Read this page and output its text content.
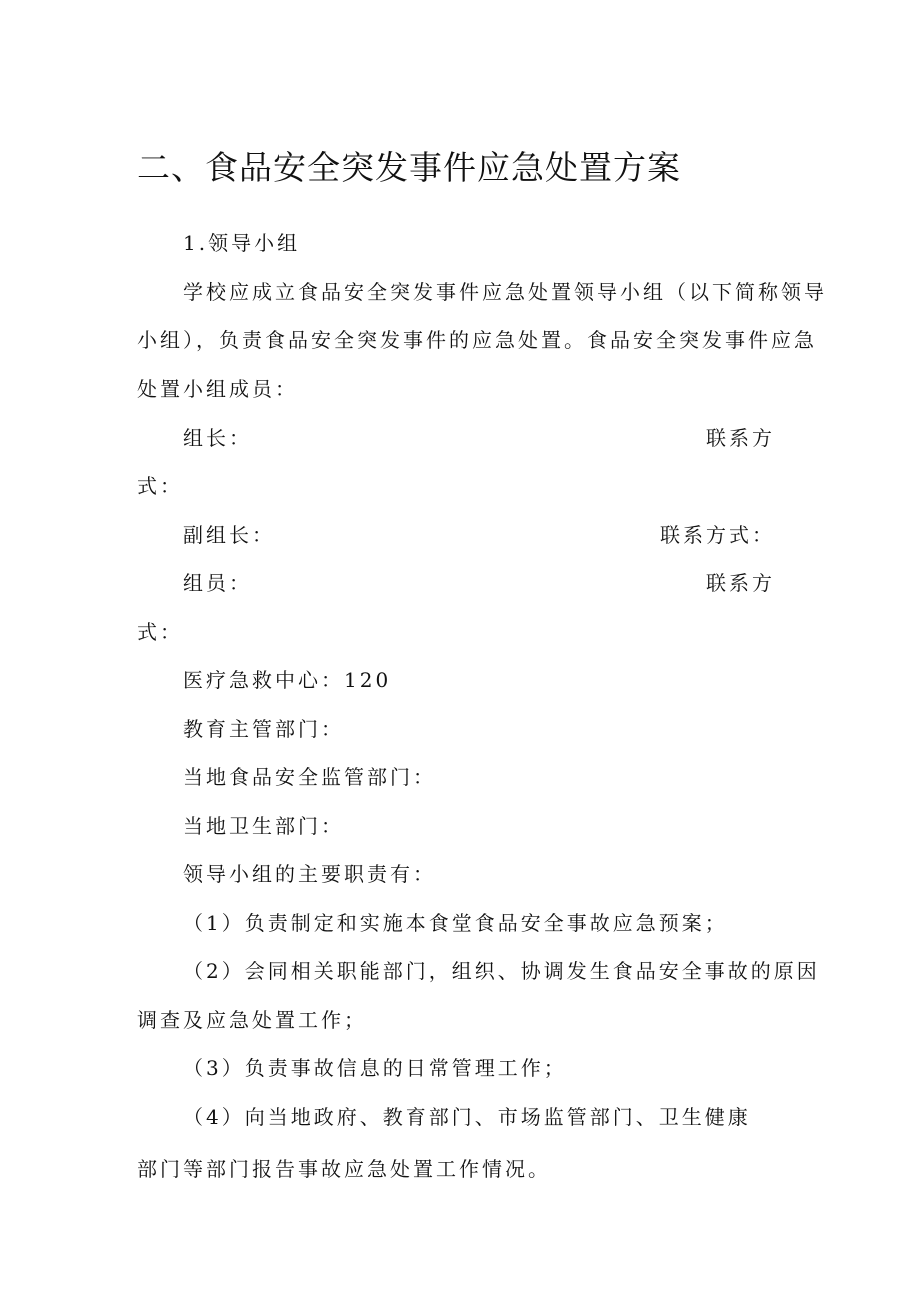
二、食品安全突发事件应急处置方案
1.领导小组
学校应成立食品安全突发事件应急处置领导小组（以下简称领导
小组），负责食品安全突发事件的应急处置。食品安全突发事件应急
处置小组成员：
组长：	联系方
式：
副组长：	联系方式：
组员：	联系方
式：
医疗急救中心：120
教育主管部门：
当地食品安全监管部门：
当地卫生部门：
领导小组的主要职责有：
（1）负责制定和实施本食堂食品安全事故应急预案；
（2）会同相关职能部门，组织、协调发生食品安全事故的原因
调查及应急处置工作；
（3）负责事故信息的日常管理工作；
（4）向当地政府、教育部门、市场监管部门、卫生健康
部门等部门报告事故应急处置工作情况。
